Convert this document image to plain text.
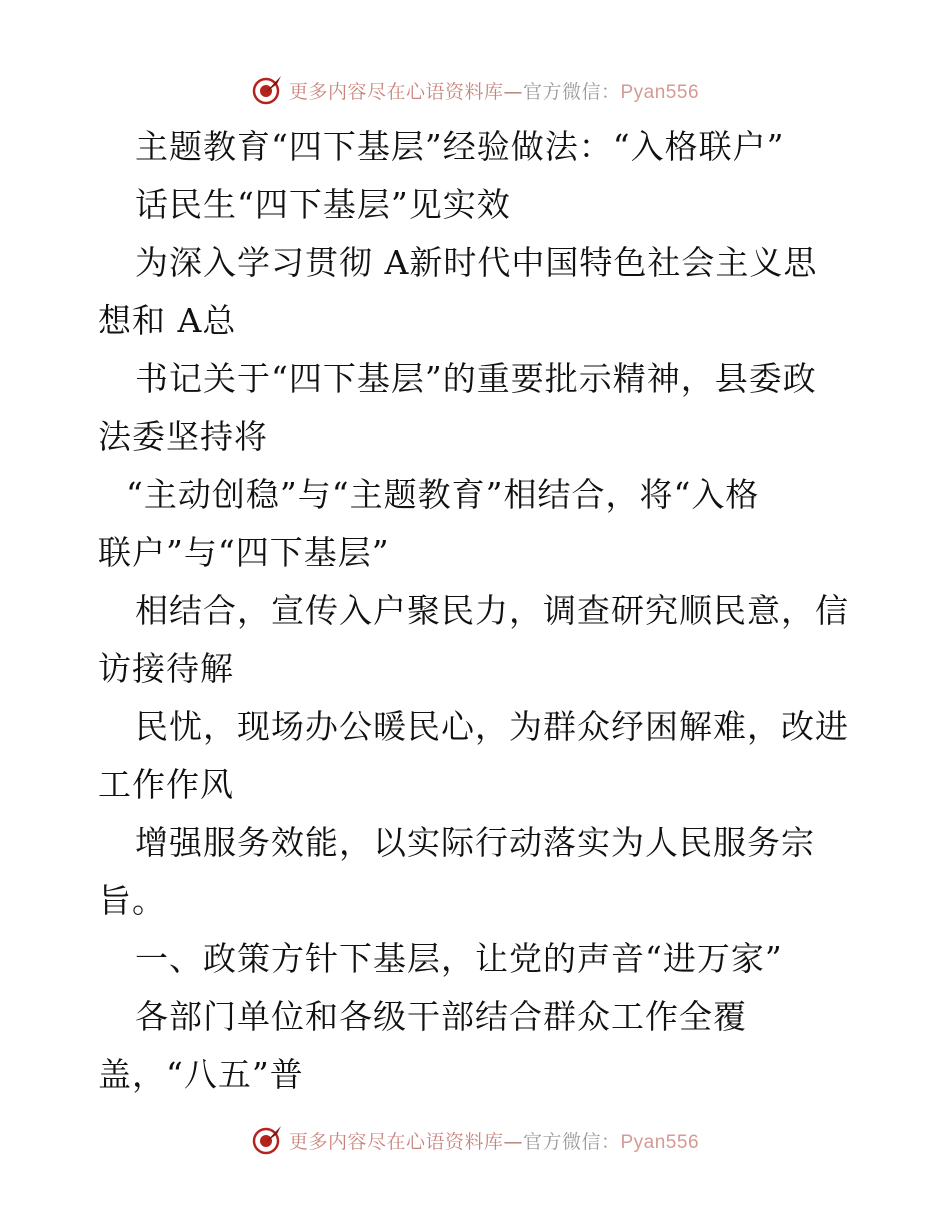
更多内容尽在心语资料库—官方微信：Pyan556
主题教育“四下基层”经验做法：“入格联户”
话民生“四下基层”见实效
为深入学习贯彻 A新时代中国特色社会主义思
想和 A总
书记关于“四下基层”的重要批示精神，县委政
法委坚持将
“主动创稳”与“主题教育”相结合，将“入格
联户”与“四下基层”
相结合，宣传入户聚民力，调查研究顺民意，信
访接待解
民忧，现场办公暖民心，为群众纾困解难，改进
工作作风
增强服务效能，以实际行动落实为人民服务宗
旨。
一、政策方针下基层，让党的声音“进万家”
各部门单位和各级干部结合群众工作全覆
盖，“八五”普
更多内容尽在心语资料库—官方微信：Pyan556
